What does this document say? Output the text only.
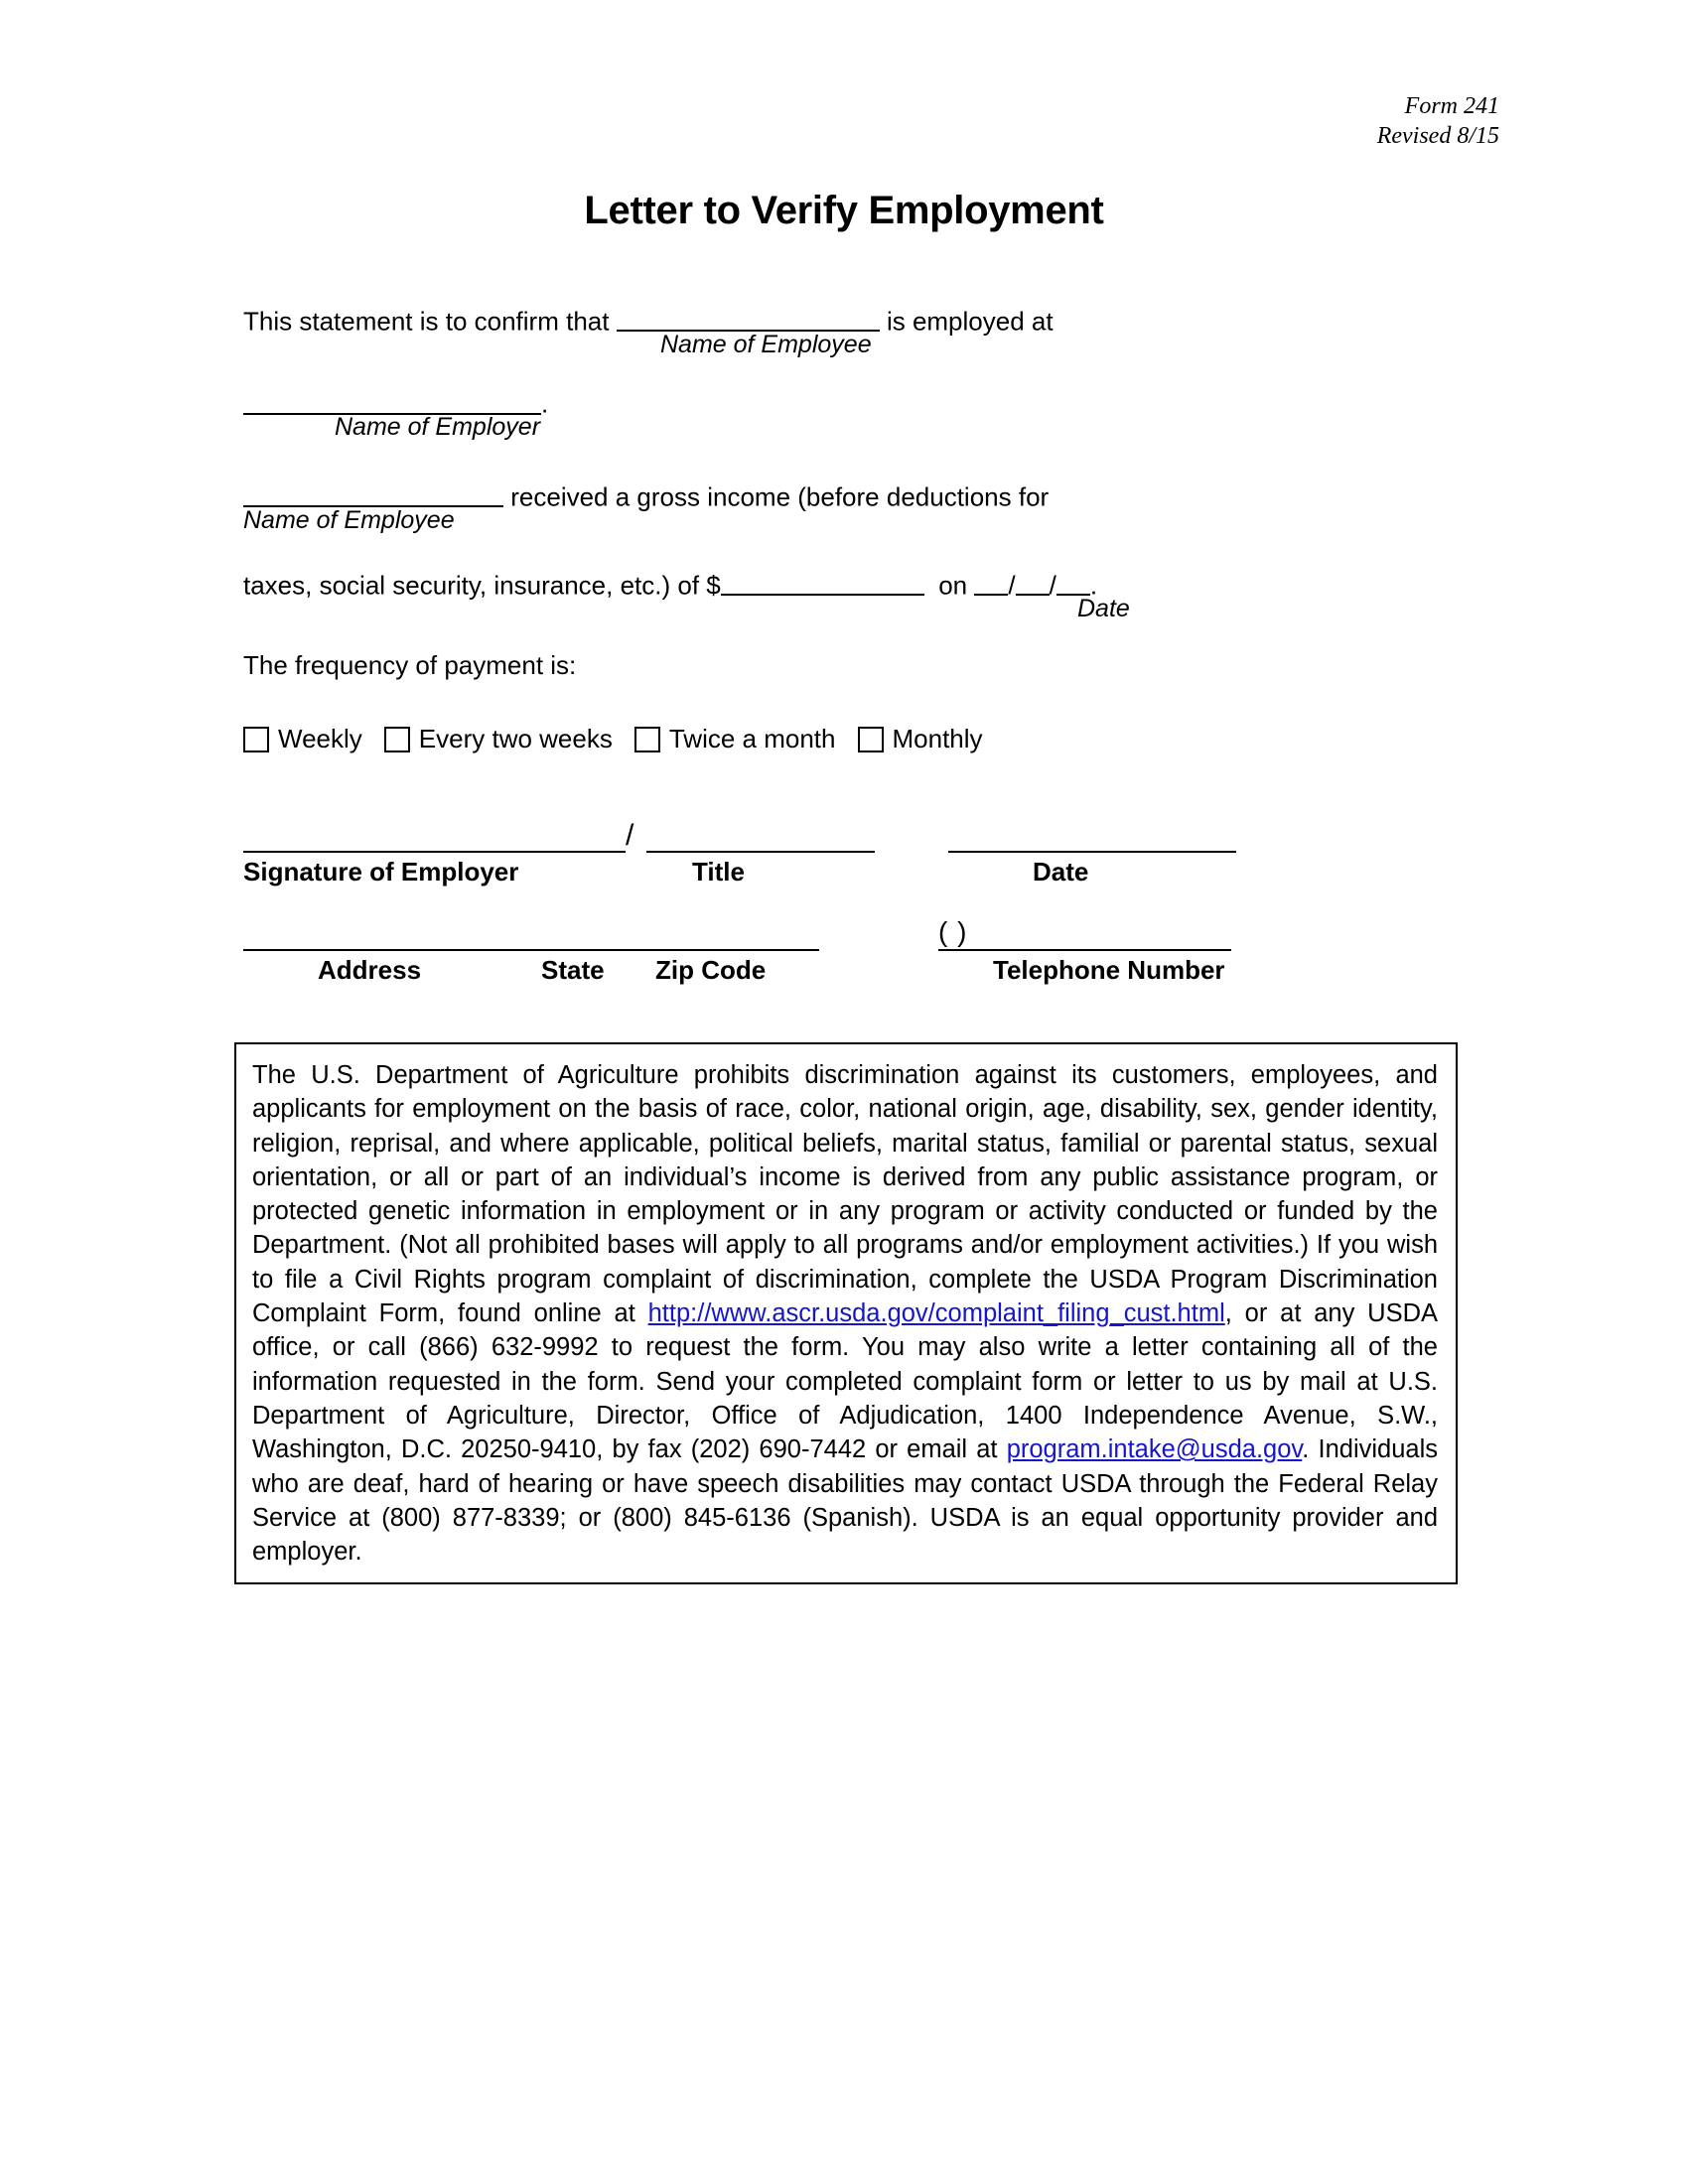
Form 241
Revised 8/15
Letter to Verify Employment
This statement is to confirm that	is employed at
Name of Employee
.
Name of Employer
received a gross income (before deductions for
Name of Employee
taxes, social security, insurance, etc.) of $	on / / .
Date
The frequency of payment is:
Weekly Every two weeks Twice a month Monthly
/
Signature of Employer	Title	Date
( )
Address	State Zip Code	Telephone Number
The U.S. Department of Agriculture prohibits discrimination against its customers, employees, and applicants for employment on the basis of race, color, national origin, age, disability, sex, gender identity, religion, reprisal, and where applicable, political beliefs, marital status, familial or parental status, sexual orientation, or all or part of an individual’s income is derived from any public assistance program, or protected genetic information in employment or in any program or activity conducted or funded by the Department. (Not all prohibited bases will apply to all programs and/or employment activities.) If you wish to file a Civil Rights program complaint of discrimination, complete the USDA Program Discrimination Complaint Form, found online at http://www.ascr.usda.gov/complaint_filing_cust.html, or at any USDA office, or call (866) 632-9992 to request the form. You may also write a letter containing all of the information requested in the form. Send your completed complaint form or letter to us by mail at U.S. Department of Agriculture, Director, Office of Adjudication, 1400 Independence Avenue, S.W., Washington, D.C. 20250-9410, by fax (202) 690-7442 or email at program.intake@usda.gov. Individuals who are deaf, hard of hearing or have speech disabilities may contact USDA through the Federal Relay Service at (800) 877-8339; or (800) 845-6136 (Spanish). USDA is an equal opportunity provider and employer.
